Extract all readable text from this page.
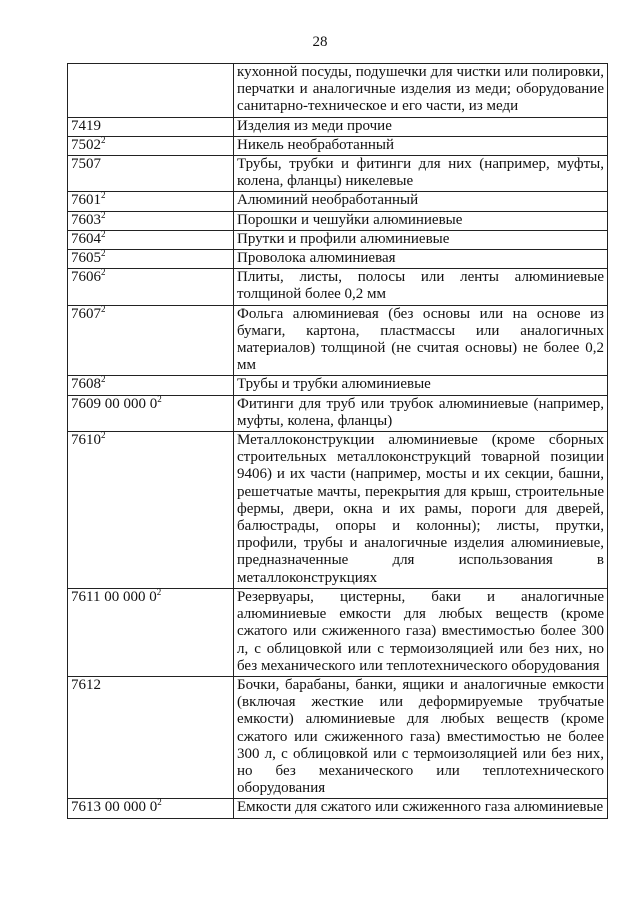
28
	кухонной посуды, подушечки для чистки или полировки, перчатки и аналогичные изделия из меди; оборудование санитарно-техническое и его части, из меди
7419	Изделия из меди прочие
7502$^2$	Никель необработанный
7507	Трубы, трубки и фитинги для них (например, муфты, колена, фланцы) никелевые
7601$^2$	Алюминий необработанный
7603$^2$	Порошки и чешуйки алюминиевые
7604$^2$	Прутки и профили алюминиевые
7605$^2$	Проволока алюминиевая
7606$^2$	Плиты, листы, полосы или ленты алюминиевые толщиной более 0,2 мм
7607$^2$	Фольга алюминиевая (без основы или на основе из бумаги, картона, пластмассы или аналогичных материалов) толщиной (не считая основы) не более 0,2 мм
7608$^2$	Трубы и трубки алюминиевые
7609 00 000 $0^2$	Фитинги для труб или трубок алюминиевые (например, муфты, колена, фланцы)
7610$^2$	Металлоконструкции алюминиевые (кроме сборных строительных металлоконструкций товарной позиции 9406) и их части (например, мосты и их секции, башни, решетчатые мачты, перекрытия для крыш, строительные фермы, двери, окна и их рамы, пороги для дверей, балюстрады, опоры и колонны); листы, прутки, профили, трубы и аналогичные изделия алюминиевые, предназначенные для использования в металлоконструкциях
7611 00 000 $0^2$	Резервуары, цистерны, баки и аналогичные алюминиевые емкости для любых веществ (кроме сжатого или сжиженного газа) вместимостью более 300 л, с облицовкой или с термоизоляцией или без них, но без механического или теплотехнического оборудования
7612	Бочки, барабаны, банки, ящики и аналогичные емкости (включая жесткие или деформируемые трубчатые емкости) алюминиевые для любых веществ (кроме сжатого или сжиженного газа) вместимостью не более 300 л, с облицовкой или с термоизоляцией или без них, но без механического или теплотехнического оборудования
7613 00 000 $0^2$	Емкости для сжатого или сжиженного газа алюминиевые
